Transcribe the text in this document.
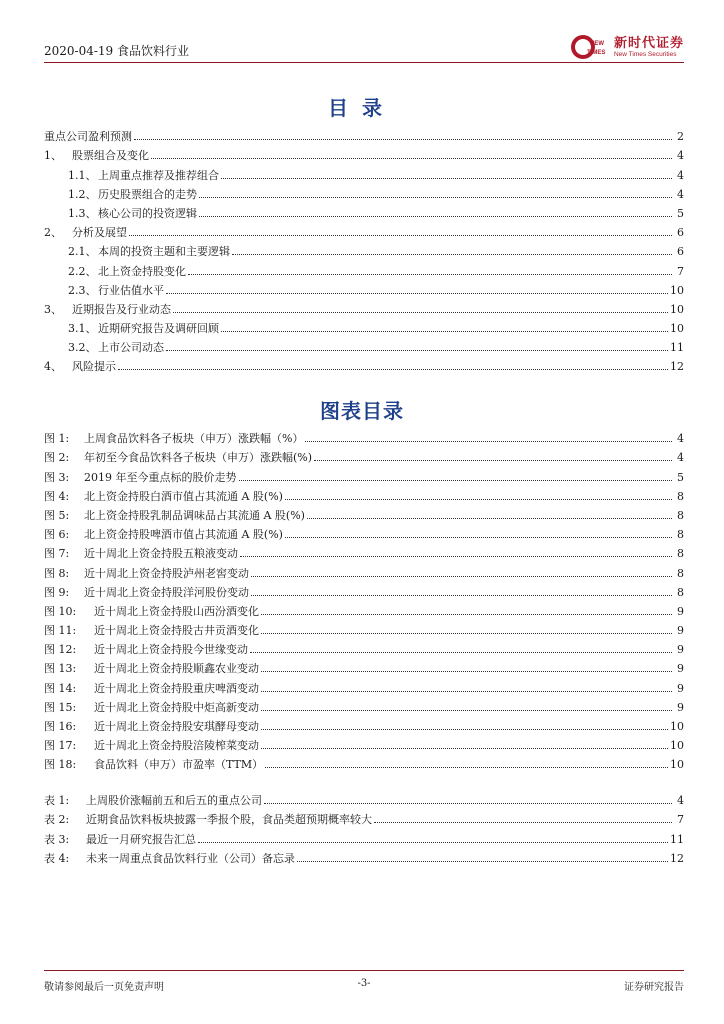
2020-04-19 食品饮料行业	NEW
TIMES
新时代证券
New Times Securities
目录
重点公司盈利预测	2
1、 股票组合及变化	4
1.1、 上周重点推荐及推荐组合	4
1.2、 历史股票组合的走势	4
1.3、 核心公司的投资逻辑	5
2、 分析及展望	6
2.1、 本周的投资主题和主要逻辑	6
2.2、 北上资金持股变化	7
2.3、 行业估值水平	10
3、 近期报告及行业动态	10
3.1、 近期研究报告及调研回顾	10
3.2、 上市公司动态	11
4、 风险提示	12
图表目录
图 1: 上周食品饮料各子板块（申万）涨跌幅（%）	4
图 2: 年初至今食品饮料各子板块（申万）涨跌幅(%)	4
图 3: 2019 年至今重点标的股价走势	5
图 4: 北上资金持股白酒市值占其流通 A 股(%)	8
图 5: 北上资金持股乳制品调味品占其流通 A 股(%)	8
图 6: 北上资金持股啤酒市值占其流通 A 股(%)	8
图 7: 近十周北上资金持股五粮液变动	8
图 8: 近十周北上资金持股泸州老窖变动	8
图 9: 近十周北上资金持股洋河股份变动	8
图 10: 近十周北上资金持股山西汾酒变化	9
图 11: 近十周北上资金持股古井贡酒变化	9
图 12: 近十周北上资金持股今世缘变动	9
图 13: 近十周北上资金持股顺鑫农业变动	9
图 14: 近十周北上资金持股重庆啤酒变动	9
图 15: 近十周北上资金持股中炬高新变动	9
图 16: 近十周北上资金持股安琪酵母变动	10
图 17: 近十周北上资金持股涪陵榨菜变动	10
图 18: 食品饮料（申万）市盈率（TTM）	10
表 1: 上周股价涨幅前五和后五的重点公司	4
表 2: 近期食品饮料板块披露一季报个股，食品类超预期概率较大	7
表 3: 最近一月研究报告汇总	11
表 4: 未来一周重点食品饮料行业（公司）备忘录	12
敬请参阅最后一页免责声明	-3-	证券研究报告
